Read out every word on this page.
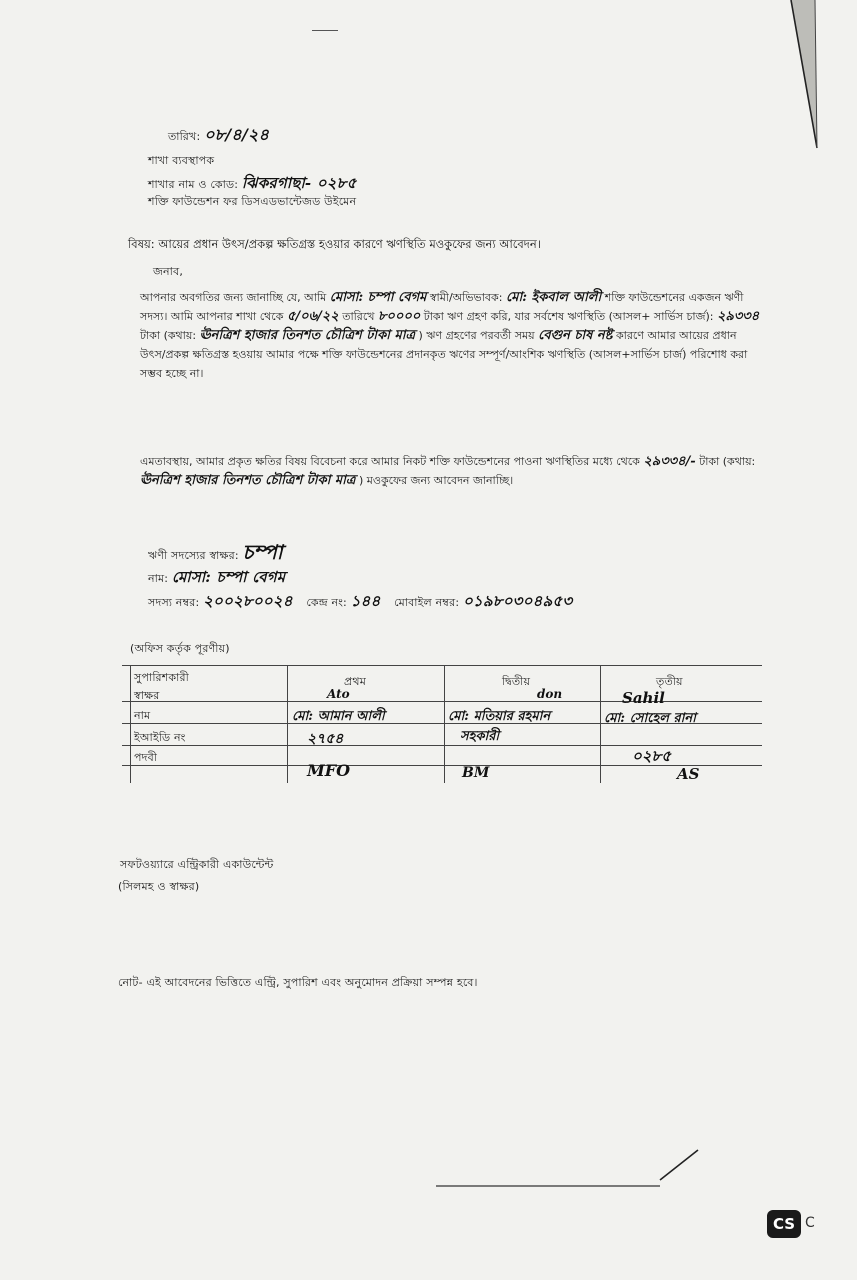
তারিখ: ০৮/৪/২৪
শাখা ব্যবস্থাপক
শাখার নাম ও কোড: ঝিকরগাছা- ০২৮৫
শক্তি ফাউন্ডেশন ফর ডিসএডভান্টেজড উইমেন
বিষয়: আয়ের প্রধান উৎস/প্রকল্প ক্ষতিগ্রস্ত হওয়ার কারণে ঋণস্থিতি মওকুফের জন্য আবেদন।
জনাব,
আপনার অবগতির জন্য জানাচ্ছি যে, আমি মোসা: চম্পা বেগম স্বামী/অভিভাবক: মো: ইকবাল আলী শক্তি ফাউন্ডেশনের একজন ঋণী সদস্য। আমি আপনার শাখা থেকে ৫/০৬/২২ তারিখে ৮০০০০ টাকা ঋণ গ্রহণ করি, যার সর্বশেষ ঋণস্থিতি (আসল+ সার্ভিস চার্জ): ২৯৩৩৪ টাকা (কথায়: ঊনত্রিশ হাজার তিনশত চৌত্রিশ টাকা মাত্র ) ঋণ গ্রহণের পরবর্তী সময় বেগুন চাষ নষ্ট কারণে আমার আয়ের প্রধান উৎস/প্রকল্প ক্ষতিগ্রস্ত হওয়ায় আমার পক্ষে শক্তি ফাউন্ডেশনের প্রদানকৃত ঋণের সম্পূর্ণ/আংশিক ঋণস্থিতি (আসল+সার্ভিস চার্জ) পরিশোধ করা সম্ভব হচ্ছে না।
এমতাবস্থায়, আমার প্রকৃত ক্ষতির বিষয় বিবেচনা করে আমার নিকট শক্তি ফাউন্ডেশনের পাওনা ঋণস্থিতির মধ্যে থেকে ২৯৩৩৪/- টাকা (কথায়: ঊনত্রিশ হাজার তিনশত চৌত্রিশ টাকা মাত্র ) মওকুফের জন্য আবেদন জানাচ্ছি।
ঋণী সদস্যের স্বাক্ষর: চম্পা
নাম: মোসা: চম্পা বেগম
সদস্য নম্বর: ২০০২৮০০২৪ কেন্দ্র নং: ১৪৪ মোবাইল নম্বর: ০১৯৮০৩০৪৯৫৩
(অফিস কর্তৃক পূরণীয়)
সুপারিশকারী
স্বাক্ষর
নাম
ইআইডি নং
পদবী
প্রথম	দ্বিতীয়	তৃতীয়
Ato
মো: আমান আলী
২৭৫৪
MFO
don
মো: মতিয়ার রহমান
সহকারী
BM
Sahil
মো: সোহেল রানা
০২৮৫
AS
সফটওয়্যারে এন্ট্রিকারী একাউন্টেন্ট
(সিলমহ ও স্বাক্ষর)
নোট- এই আবেদনের ভিত্তিতে এন্ট্রি, সুপারিশ এবং অনুমোদন প্রক্রিয়া সম্পন্ন হবে।
CS C
